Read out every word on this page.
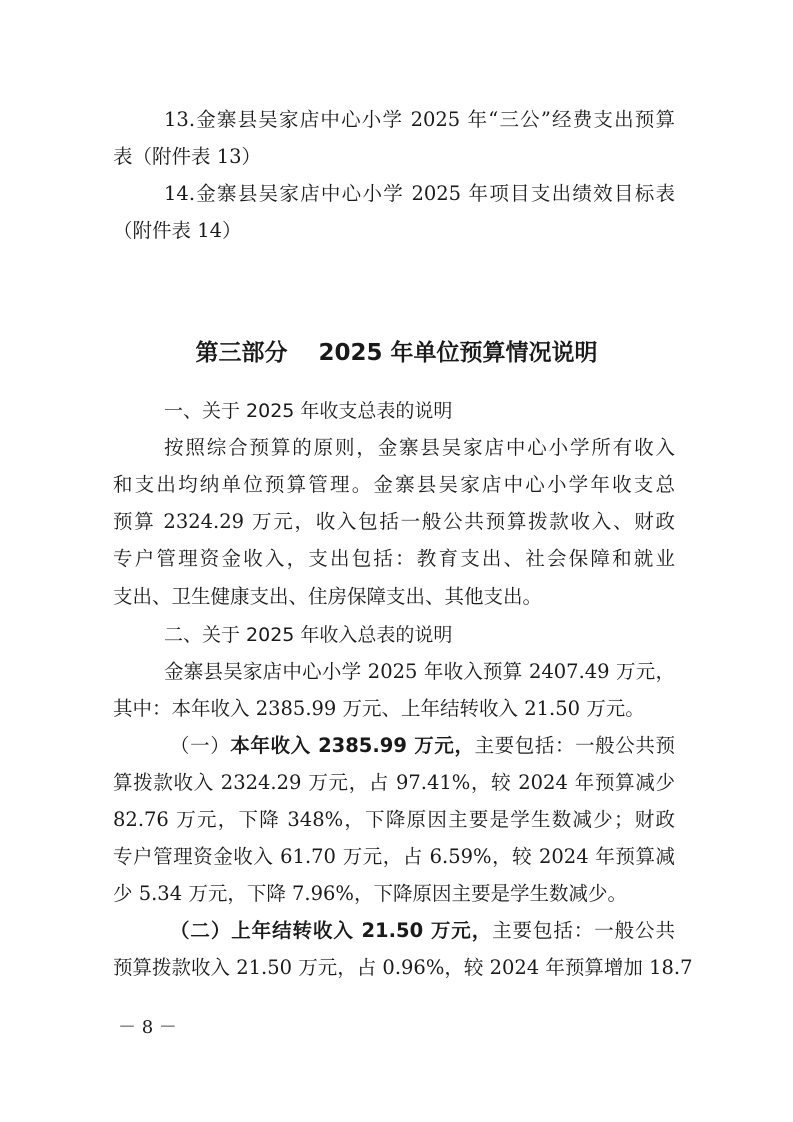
13.金寨县吴家店中心小学 2025 年“三公”经费支出预算
表（附件表 13）
14.金寨县吴家店中心小学 2025 年项目支出绩效目标表
（附件表 14）
第三部分　 2025 年单位预算情况说明
一、关于 2025 年收支总表的说明
按照综合预算的原则，金寨县吴家店中心小学所有收入
和支出均纳单位预算管理。金寨县吴家店中心小学年收支总
预算 2324.29 万元，收入包括一般公共预算拨款收入、财政
专户管理资金收入，支出包括：教育支出、社会保障和就业
支出、卫生健康支出、住房保障支出、其他支出。
二、关于 2025 年收入总表的说明
金寨县吴家店中心小学 2025 年收入预算 2407.49 万元，
其中：本年收入 2385.99 万元、上年结转收入 21.50 万元。
（一）本年收入 2385.99 万元，主要包括：一般公共预
算拨款收入 2324.29 万元，占 97.41%，较 2024 年预算减少
82.76 万元，下降 348%，下降原因主要是学生数减少；财政
专户管理资金收入 61.70 万元，占 6.59%，较 2024 年预算减
少 5.34 万元，下降 7.96%，下降原因主要是学生数减少。
（二）上年结转收入 21.50 万元，主要包括：一般公共
预算拨款收入 21.50 万元，占 0.96%，较 2024 年预算增加 18.7
－ 8 －
